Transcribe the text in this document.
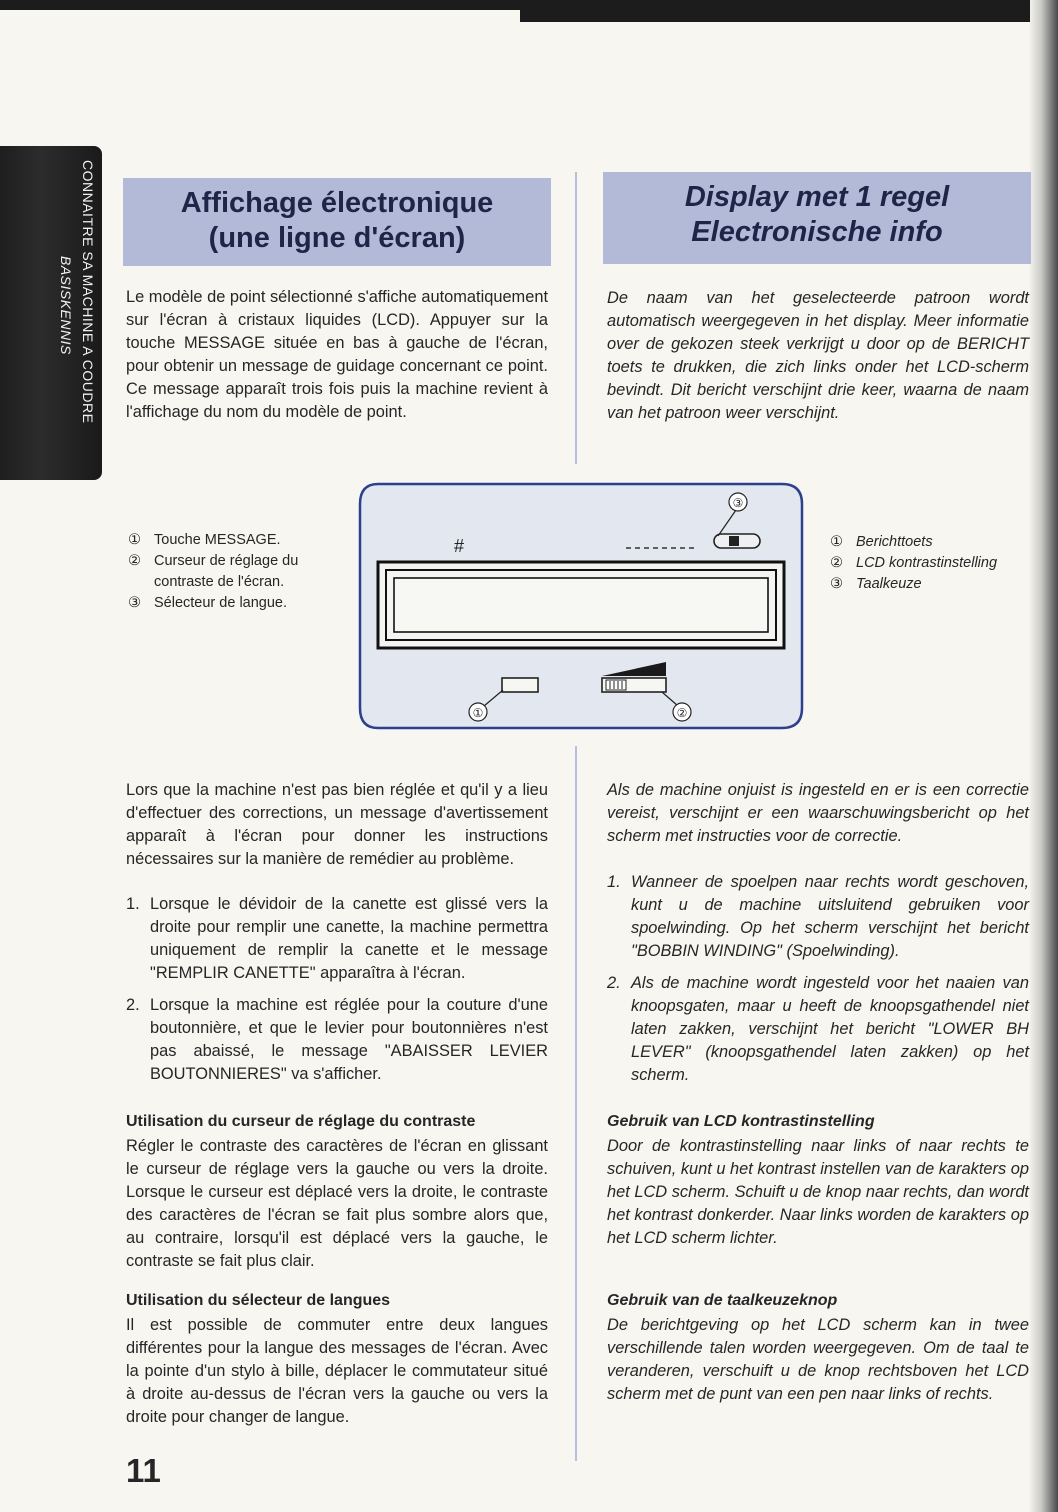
CONNAITRE SA MACHINE A COUDRE
BASISKENNIS
Affichage électronique
(une ligne d'écran)
Display met 1 regel
Electronische info

Le modèle de point sélectionné s'affiche automatiquement sur l'écran à cristaux liquides (LCD). Appuyer sur la touche MESSAGE située en bas à gauche de l'écran, pour obtenir un message de guidage concernant ce point. Ce message apparaît trois fois puis la machine revient à l'affichage du nom du modèle de point.

De naam van het geselecteerde patroon wordt automatisch weergegeven in het display. Meer informatie over de gekozen steek verkrijgt u door op de BERICHT toets te drukken, die zich links onder het LCD-scherm bevindt. Dit bericht verschijnt drie keer, waarna de naam van het patroon weer verschijnt.

① Touche MESSAGE.
② Curseur de réglage du contraste de l'écran.
③ Sélecteur de langue.
① Berichttoets
② LCD kontrastinstelling
③ Taalkeuze
#
③
①	②

Lors que la machine n'est pas bien réglée et qu'il y a lieu d'effectuer des corrections, un message d'avertissement apparaît à l'écran pour donner les instructions nécessaires sur la manière de remédier au problème.

1. Lorsque le dévidoir de la canette est glissé vers la droite pour remplir une canette, la machine permettra uniquement de remplir la canette et le message "REMPLIR CANETTE" apparaîtra à l'écran.
2. Lorsque la machine est réglée pour la couture d'une boutonnière, et que le levier pour boutonnières n'est pas abaissé, le message "ABAISSER LEVIER BOUTONNIERES" va s'afficher.

Als de machine onjuist is ingesteld en er is een correctie vereist, verschijnt er een waarschuwingsbericht op het scherm met instructies voor de correctie.

1. Wanneer de spoelpen naar rechts wordt geschoven, kunt u de machine uitsluitend gebruiken voor spoelwinding. Op het scherm verschijnt het bericht "BOBBIN WINDING" (Spoelwinding).
2. Als de machine wordt ingesteld voor het naaien van knoopsgaten, maar u heeft de knoopsgathendel niet laten zakken, verschijnt het bericht "LOWER BH LEVER" (knoopsgathendel laten zakken) op het scherm.
Utilisation du curseur de réglage du contraste

Régler le contraste des caractères de l'écran en glissant le curseur de réglage vers la gauche ou vers la droite. Lorsque le curseur est déplacé vers la droite, le contraste des caractères de l'écran se fait plus sombre alors que, au contraire, lorsqu'il est déplacé vers la gauche, le contraste se fait plus clair.

Gebruik van LCD kontrastinstelling

Door de kontrastinstelling naar links of naar rechts te schuiven, kunt u het kontrast instellen van de karakters op het LCD scherm. Schuift u de knop naar rechts, dan wordt het kontrast donkerder. Naar links worden de karakters op het LCD scherm lichter.

Utilisation du sélecteur de langues

Il est possible de commuter entre deux langues différentes pour la langue des messages de l'écran. Avec la pointe d'un stylo à bille, déplacer le commutateur situé à droite au-dessus de l'écran vers la gauche ou vers la droite pour changer de langue.

Gebruik van de taalkeuzeknop

De berichtgeving op het LCD scherm kan in twee verschillende talen worden weergegeven. Om de taal te veranderen, verschuift u de knop rechtsboven het LCD scherm met de punt van een pen naar links of rechts.

11
